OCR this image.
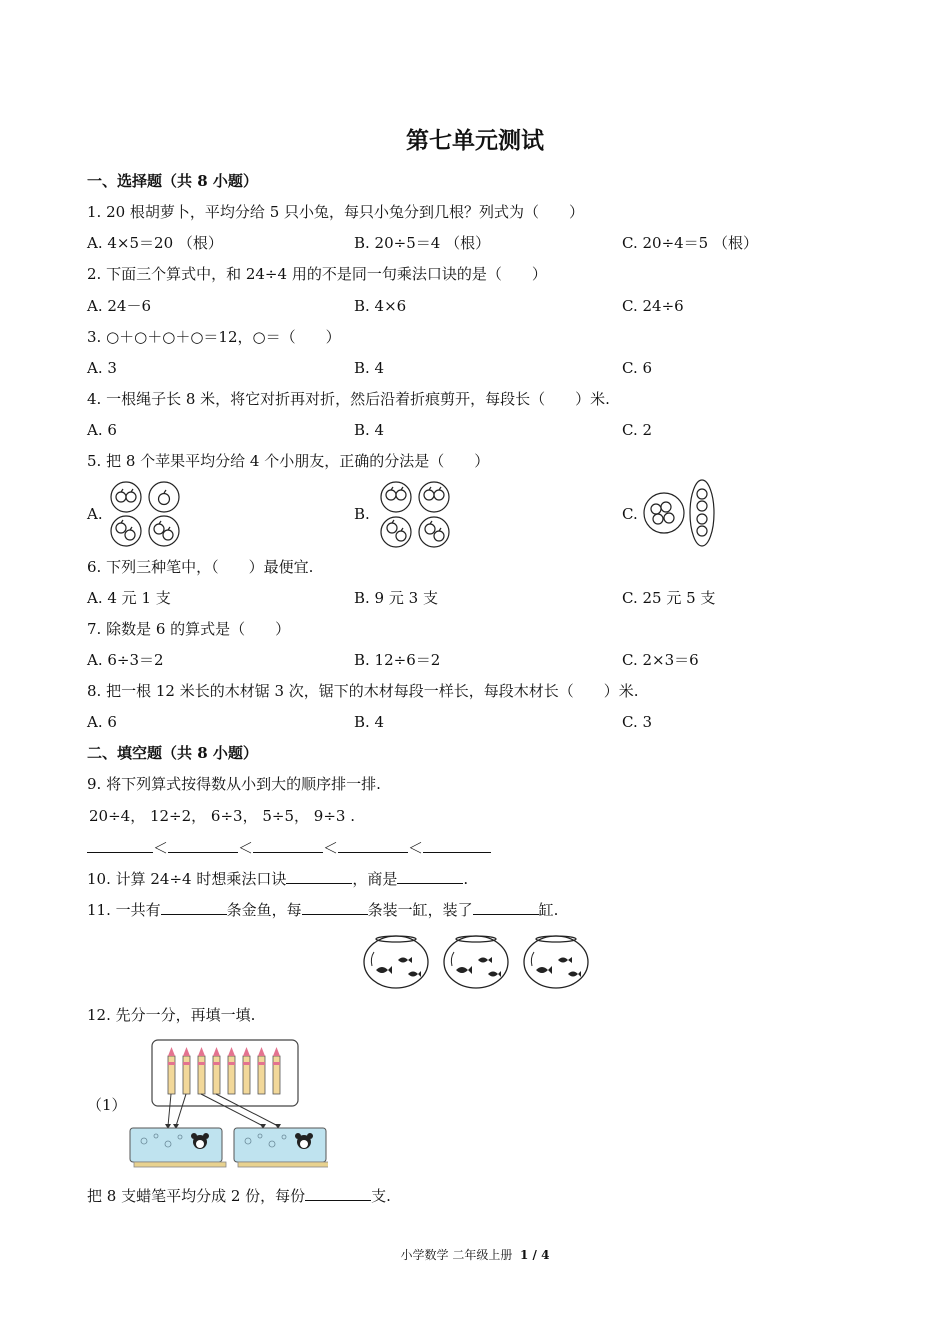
第七单元测试
一、选择题（共 8 小题）
1. 20 根胡萝卜，平均分给 5 只小兔，每只小兔分到几根？列式为（　　）
A. 4×5＝20 （根）	B. 20÷5＝4 （根）	C. 20÷4＝5 （根）
2. 下面三个算式中，和 24÷4 用的不是同一句乘法口诀的是（　　）
A. 24－6	B. 4×6	C. 24÷6
3. ○＋○＋○＋○＝12，○＝（　　）
A. 3	B. 4	C. 6
4. 一根绳子长 8 米，将它对折再对折，然后沿着折痕剪开，每段长（　　）米.
A. 6	B. 4	C. 2
5. 把 8 个苹果平均分给 4 个小朋友，正确的分法是（　　）
A.	B.	C.
6. 下列三种笔中，（　　）最便宜.
A. 4 元 1 支	B. 9 元 3 支	C. 25 元 5 支
7. 除数是 6 的算式是（　　）
A. 6÷3＝2	B. 12÷6＝2	C. 2×3＝6
8. 把一根 12 米长的木材锯 3 次，锯下的木材每段一样长，每段木材长（　　）米.
A. 6	B. 4	C. 3
二、填空题（共 8 小题）
9. 将下列算式按得数从小到大的顺序排一排.
20÷4， 12÷2， 6÷3， 5÷5， 9÷3 .
＜	＜	＜	＜
10. 计算 24÷4 时想乘法口诀	，商是	.
11. 一共有	条金鱼，每	条装一缸，装了	缸.
12. 先分一分，再填一填.
（1）
把 8 支蜡笔平均分成 2 份，每份	支.
小学数学 二年级上册 1 / 4
